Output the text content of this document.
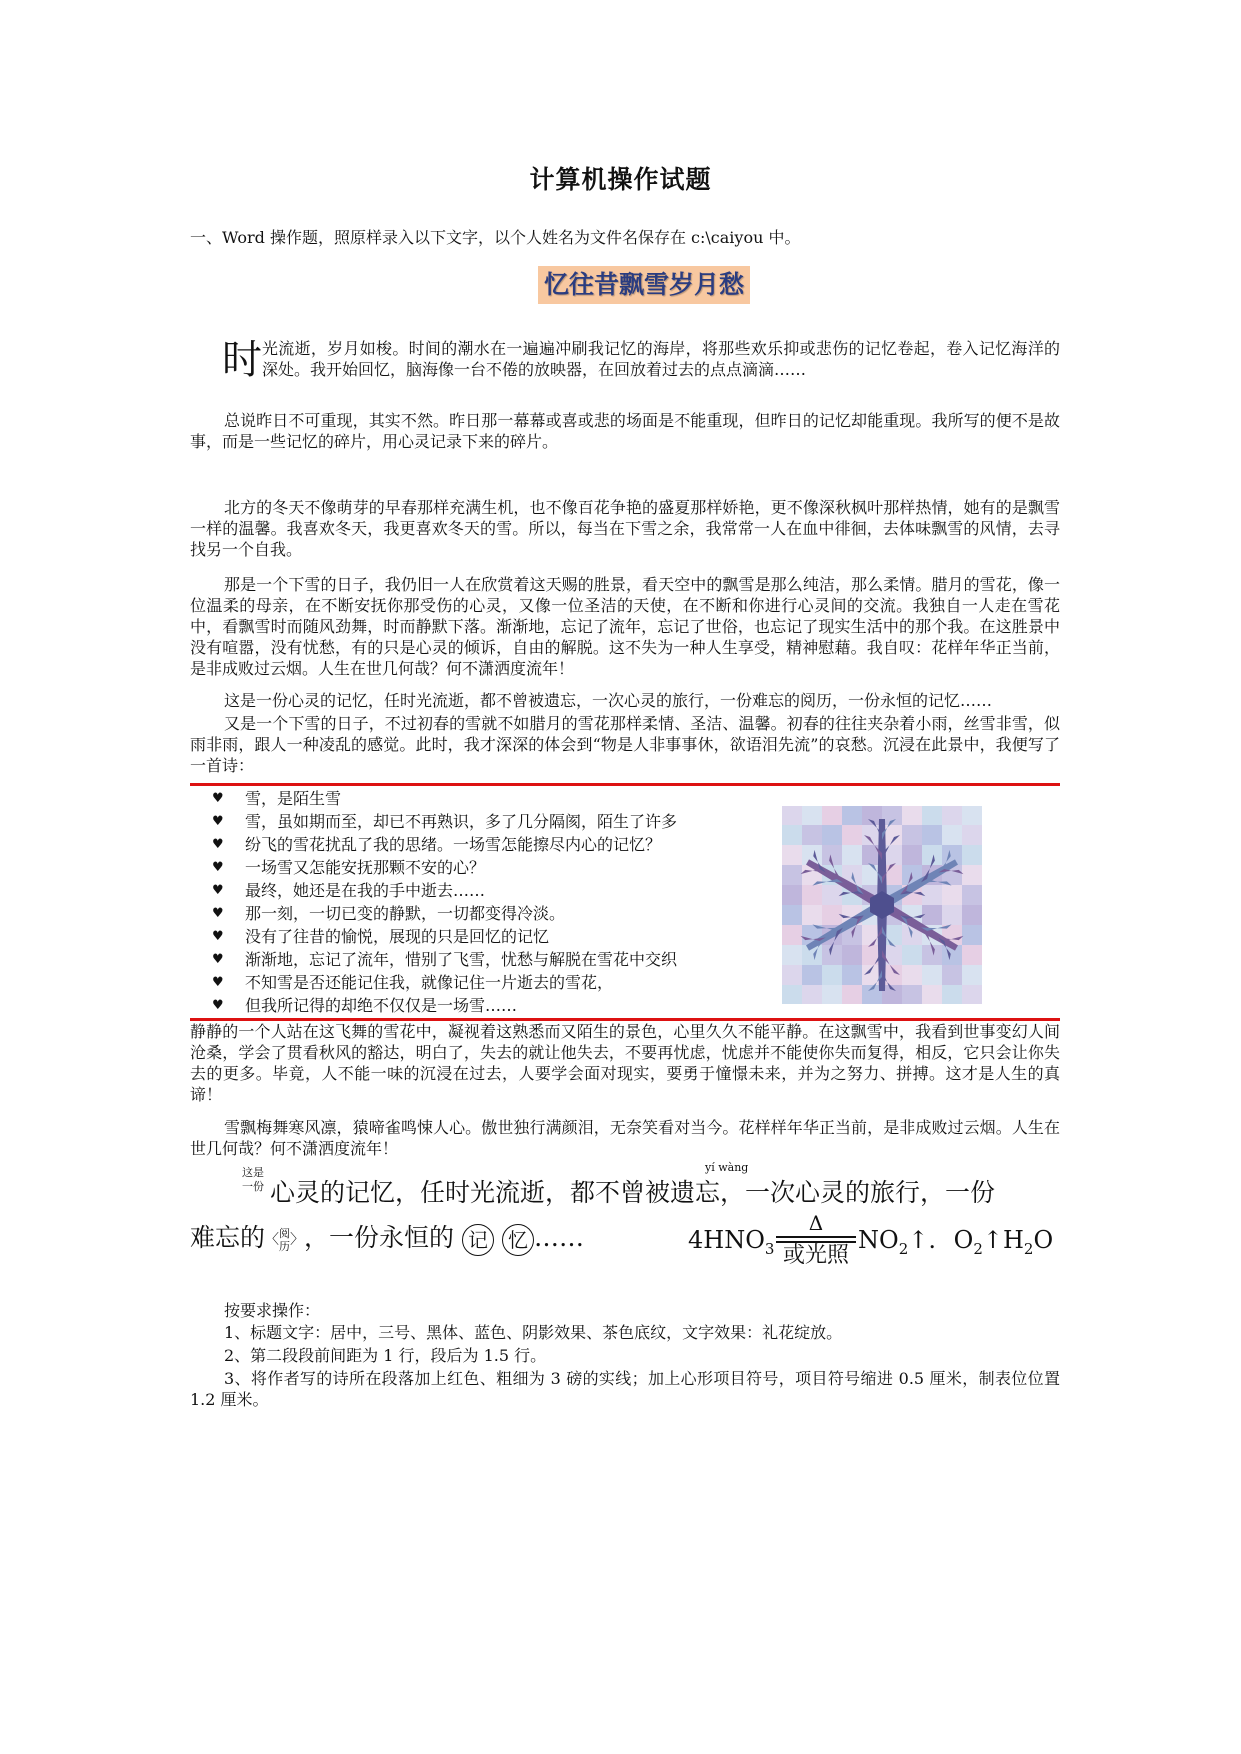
计算机操作试题
一、Word 操作题，照原样录入以下文字，以个人姓名为文件名保存在 c:\caiyou 中。
忆往昔飘雪岁月愁
时 光流逝，岁月如梭。时间的潮水在一遍遍冲刷我记忆的海岸，将那些欢乐抑或悲伤的记忆卷起，卷入记忆海洋的深处。我开始回忆，脑海像一台不倦的放映器，在回放着过去的点点滴滴……
总说昨日不可重现，其实不然。昨日那一幕幕或喜或悲的场面是不能重现，但昨日的记忆却能重现。我所写的便不是故事，而是一些记忆的碎片，用心灵记录下来的碎片。
北方的冬天不像萌芽的早春那样充满生机，也不像百花争艳的盛夏那样娇艳，更不像深秋枫叶那样热情，她有的是飘雪一样的温馨。我喜欢冬天，我更喜欢冬天的雪。所以，每当在下雪之余，我常常一人在血中徘徊，去体味飘雪的风情，去寻找另一个自我。
那是一个下雪的日子，我仍旧一人在欣赏着这天赐的胜景，看天空中的飘雪是那么纯洁，那么柔情。腊月的雪花，像一位温柔的母亲，在不断安抚你那受伤的心灵，又像一位圣洁的天使，在不断和你进行心灵间的交流。我独自一人走在雪花中，看飘雪时而随风劲舞，时而静默下落。渐渐地，忘记了流年，忘记了世俗，也忘记了现实生活中的那个我。在这胜景中没有喧嚣，没有忧愁，有的只是心灵的倾诉，自由的解脱。这不失为一种人生享受，精神慰藉。我自叹：花样年华正当前，是非成败过云烟。人生在世几何哉？何不潇洒度流年！
这是一份心灵的记忆，任时光流逝，都不曾被遗忘，一次心灵的旅行，一份难忘的阅历，一份永恒的记忆……
又是一个下雪的日子，不过初春的雪就不如腊月的雪花那样柔情、圣洁、温馨。初春的往往夹杂着小雨，丝雪非雪，似雨非雨，跟人一种凌乱的感觉。此时，我才深深的体会到“物是人非事事休，欲语泪先流”的哀愁。沉浸在此景中，我便写了一首诗：
♥	雪，是陌生雪
♥	雪，虽如期而至，却已不再熟识，多了几分隔阂，陌生了许多
♥	纷飞的雪花扰乱了我的思绪。一场雪怎能擦尽内心的记忆？
♥	一场雪又怎能安抚那颗不安的心？
♥	最终，她还是在我的手中逝去……
♥	那一刻，一切已变的静默，一切都变得冷淡。
♥	没有了往昔的愉悦，展现的只是回忆的记忆
♥	渐渐地，忘记了流年，惜别了飞雪，忧愁与解脱在雪花中交织
♥	不知雪是否还能记住我，就像记住一片逝去的雪花，
♥	但我所记得的却绝不仅仅是一场雪……
静静的一个人站在这飞舞的雪花中，凝视着这熟悉而又陌生的景色，心里久久不能平静。在这飘雪中，我看到世事变幻人间沧桑，学会了贯看秋风的豁达，明白了，失去的就让他失去，不要再忧虑，忧虑并不能使你失而复得，相反，它只会让你失去的更多。毕竟，人不能一味的沉浸在过去，人要学会面对现实，要勇于憧憬未来，并为之努力、拼搏。这才是人生的真谛！
雪飘梅舞寒风凛，猿啼雀鸣悚人心。傲世独行满颜泪，无奈笑看对当今。花样样年华正当前，是非成败过云烟。人生在世几何哉？何不潇洒度流年！
这是
一份
yí wàng
心灵的记忆，任时光流逝，都不曾被遗忘，一次心灵的旅行，一份
难忘的〈 阅
历 〉，一份永恒的 记 忆 ……	$4HNO_3$
Δ
或光照
$NO_2↑$. $O_2↑H_2O$
按要求操作：
1、标题文字：居中，三号、黑体、蓝色、阴影效果、茶色底纹，文字效果：礼花绽放。
2、第二段段前间距为 1 行，段后为 1.5 行。
3、将作者写的诗所在段落加上红色、粗细为 3 磅的实线；加上心形项目符号，项目符号缩进 0.5 厘米，制表位位置 1.2 厘米。
